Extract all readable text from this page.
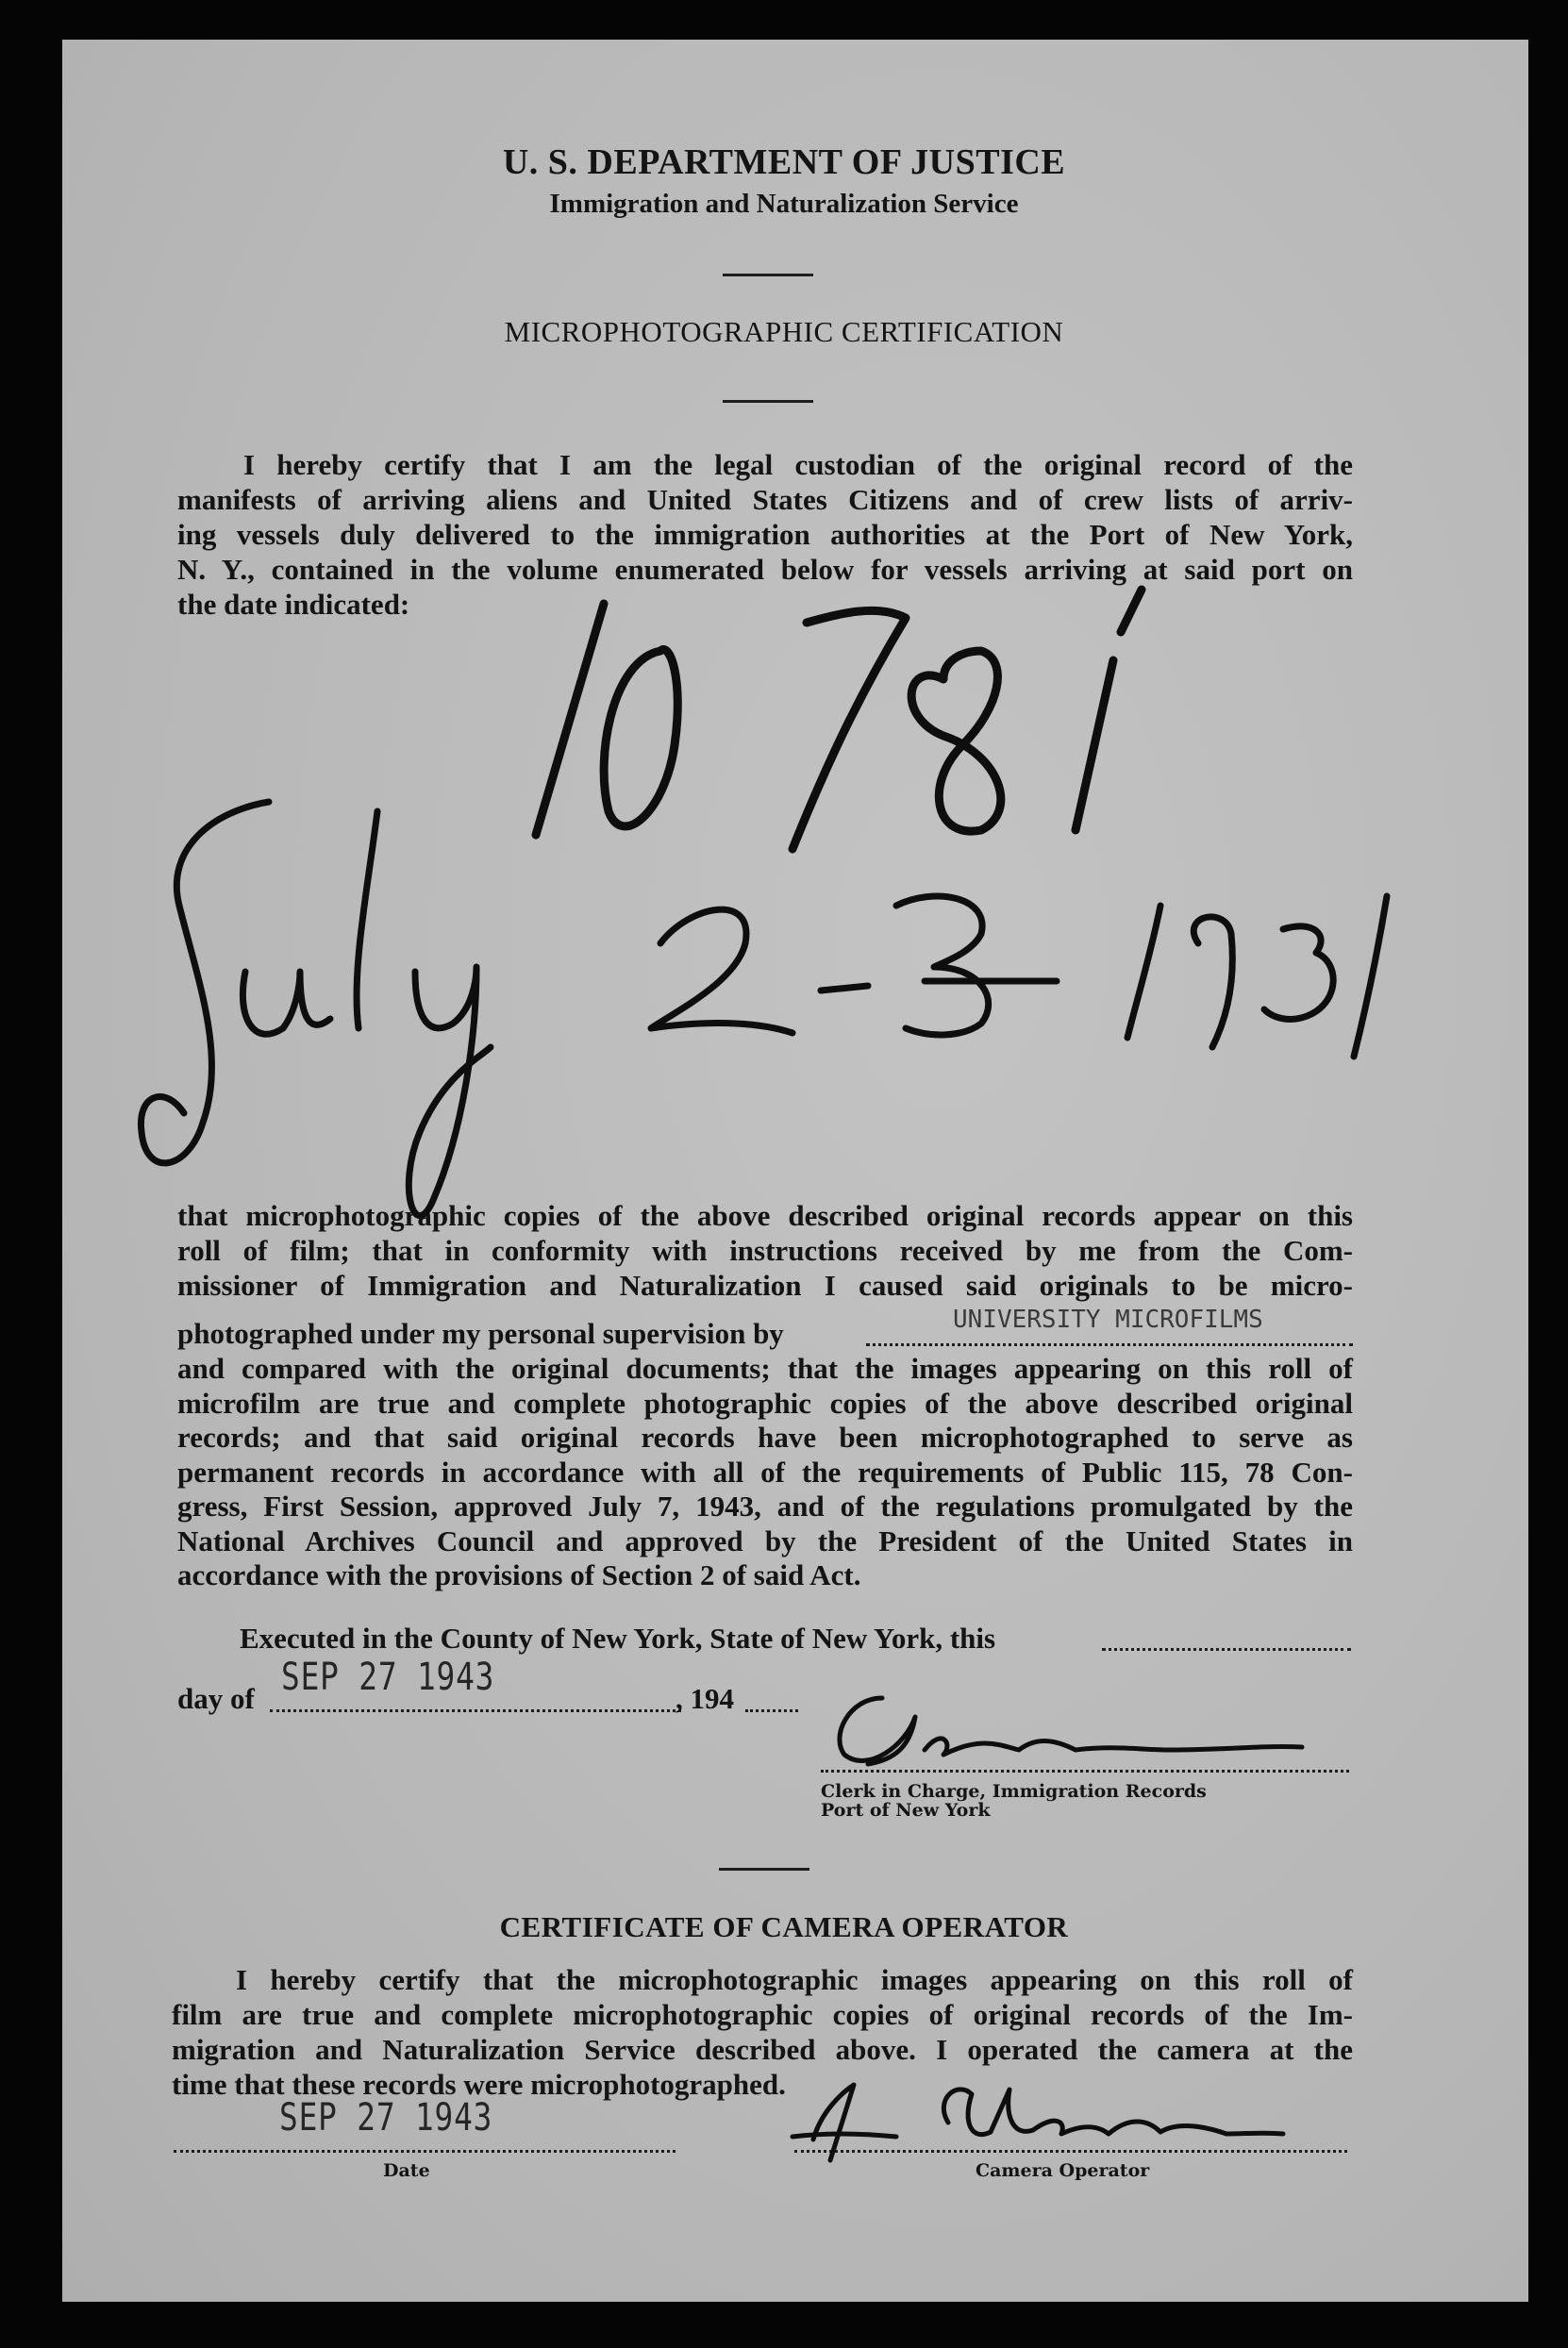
U. S. DEPARTMENT OF JUSTICE
Immigration and Naturalization Service
MICROPHOTOGRAPHIC CERTIFICATION
I hereby certify that I am the legal custodian of the original record of the
manifests of arriving aliens and United States Citizens and of crew lists of arriv-
ing vessels duly delivered to the immigration authorities at the Port of New York,
N. Y., contained in the volume enumerated below for vessels arriving at said port on
the date indicated:
that microphotographic copies of the above described original records appear on this
roll of film; that in conformity with instructions received by me from the Com-
missioner of Immigration and Naturalization I caused said originals to be micro-
photographed under my personal supervision by	UNIVERSITY MICROFILMS
and compared with the original documents; that the images appearing on this roll of
microfilm are true and complete photographic copies of the above described original
records; and that said original records have been microphotographed to serve as
permanent records in accordance with all of the requirements of Public 115, 78 Con-
gress, First Session, approved July 7, 1943, and of the regulations promulgated by the
National Archives Council and approved by the President of the United States in
accordance with the provisions of Section 2 of said Act.
Executed in the County of New York, State of New York, this
day of SEP 27 1943	, 194
Clerk in Charge, Immigration Records
Port of New York
CERTIFICATE OF CAMERA OPERATOR
I hereby certify that the microphotographic images appearing on this roll of
film are true and complete microphotographic copies of original records of the Im-
migration and Naturalization Service described above. I operated the camera at the
time that these records were microphotographed.
SEP 27 1943
Date	Camera Operator
